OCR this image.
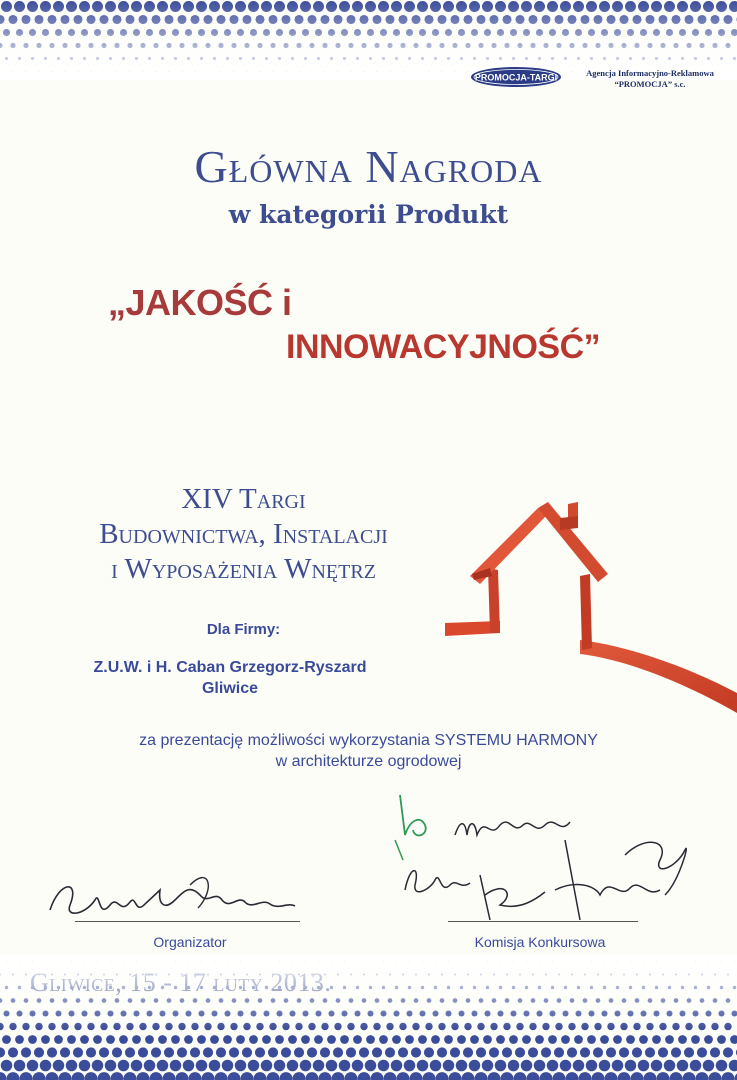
PROMOCJA-TARGI	Agencja Informacyjno-Reklamowa
“PROMOCJA” s.c.
Główna Nagroda
w kategorii Produkt
„JAKOŚĆ i
INNOWACYJNOŚĆ”
XIV Targi
Budownictwa, Instalacji
i Wyposażenia Wnętrz
Dla Firmy:
Z.U.W. i H. Caban Grzegorz-Ryszard
Gliwice
za prezentację możliwości wykorzystania SYSTEMU HARMONY
w architekturze ogrodowej
Organizator	Komisja Konkursowa
